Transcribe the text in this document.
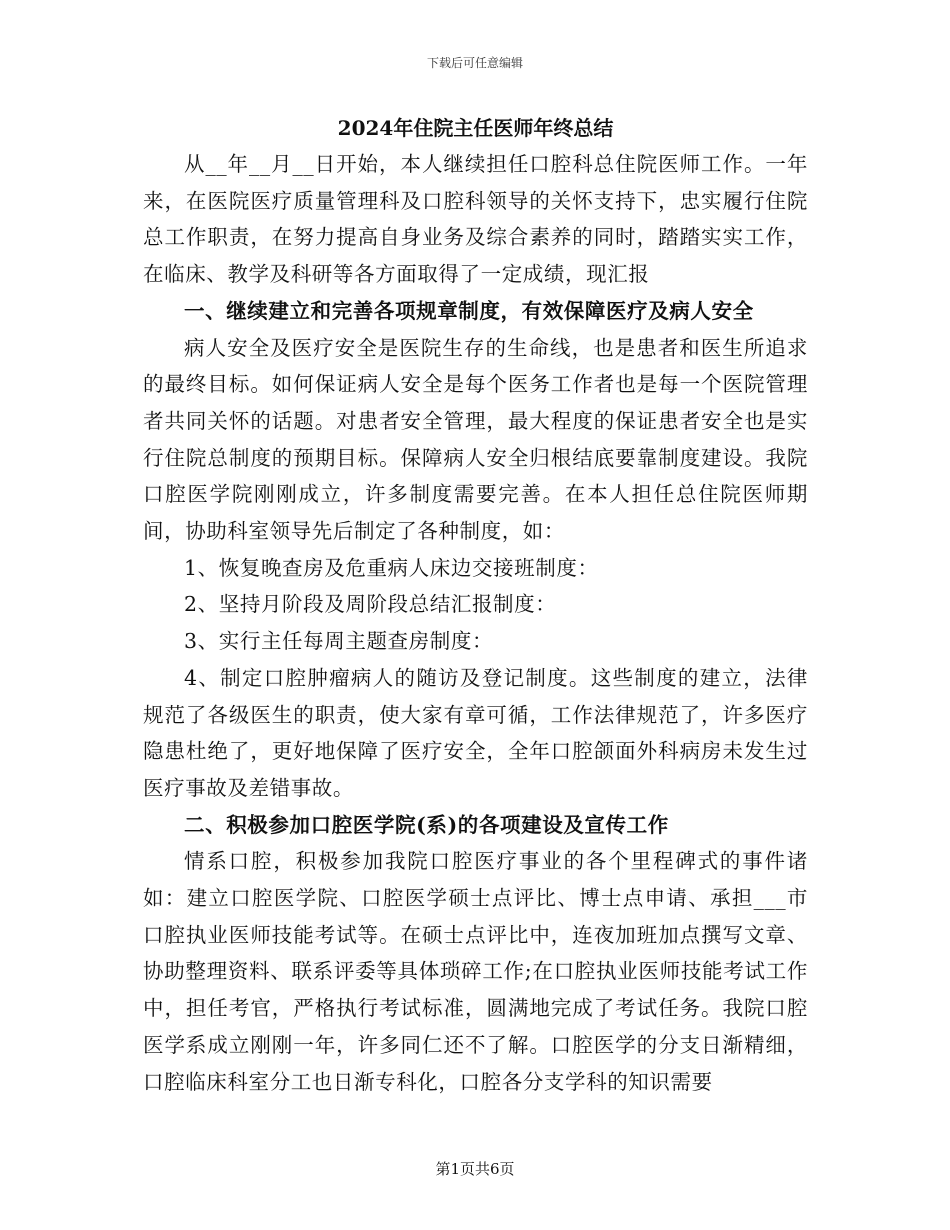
下载后可任意编辑
2024年住院主任医师年终总结

从__年__月__日开始，本人继续担任口腔科总住院医师工作。一年来，在医院医疗质量管理科及口腔科领导的关怀支持下，忠实履行住院总工作职责，在努力提高自身业务及综合素养的同时，踏踏实实工作，在临床、教学及科研等各方面取得了一定成绩，现汇报

一、继续建立和完善各项规章制度，有效保障医疗及病人安全

病人安全及医疗安全是医院生存的生命线，也是患者和医生所追求的最终目标。如何保证病人安全是每个医务工作者也是每一个医院管理者共同关怀的话题。对患者安全管理，最大程度的保证患者安全也是实行住院总制度的预期目标。保障病人安全归根结底要靠制度建设。我院口腔医学院刚刚成立，许多制度需要完善。在本人担任总住院医师期间，协助科室领导先后制定了各种制度，如：

1、恢复晚查房及危重病人床边交接班制度：

2、坚持月阶段及周阶段总结汇报制度：

3、实行主任每周主题查房制度：

4、制定口腔肿瘤病人的随访及登记制度。这些制度的建立，法律规范了各级医生的职责，使大家有章可循，工作法律规范了，许多医疗隐患杜绝了，更好地保障了医疗安全，全年口腔颌面外科病房未发生过医疗事故及差错事故。

二、积极参加口腔医学院(系)的各项建设及宣传工作

情系口腔，积极参加我院口腔医疗事业的各个里程碑式的事件诸如：建立口腔医学院、口腔医学硕士点评比、博士点申请、承担___市口腔执业医师技能考试等。在硕士点评比中，连夜加班加点撰写文章、协助整理资料、联系评委等具体琐碎工作;在口腔执业医师技能考试工作中，担任考官，严格执行考试标准，圆满地完成了考试任务。我院口腔医学系成立刚刚一年，许多同仁还不了解。口腔医学的分支日渐精细，口腔临床科室分工也日渐专科化，口腔各分支学科的知识需要

第1页共6页
